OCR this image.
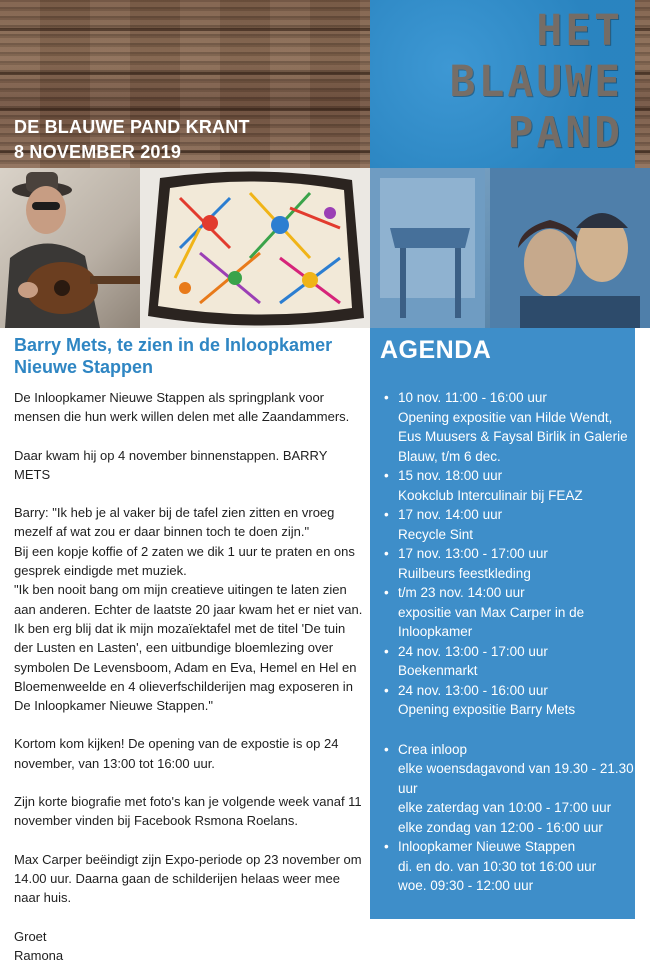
DE BLAUWE PAND KRANT
8 NOVEMBER 2019
HET
BLAUWE
PAND
Barry Mets, te zien in de Inloopkamer Nieuwe Stappen

De Inloopkamer Nieuwe Stappen als springplank voor mensen die hun werk willen delen met alle Zaandammers.

Daar kwam hij op 4 november binnenstappen. BARRY METS

Barry: "Ik heb je al vaker bij de tafel zien zitten en vroeg mezelf af wat zou er daar binnen toch te doen zijn."
Bij een kopje koffie of 2 zaten we dik 1 uur te praten en ons gesprek eindigde met muziek.
"Ik ben nooit bang om mijn creatieve uitingen te laten zien aan anderen. Echter de laatste 20 jaar kwam het er niet van. Ik ben erg blij dat ik mijn mozaïektafel met de titel 'De tuin der Lusten en Lasten', een uitbundige bloemlezing over symbolen De Levensboom, Adam en Eva, Hemel en Hel en Bloemenweelde en 4 olieverfschilderijen mag exposeren in De Inloopkamer Nieuwe Stappen."

Kortom kom kijken! De opening van de expostie is op 24 november, van 13:00 tot 16:00 uur.

Zijn korte biografie met foto's kan je volgende week vanaf 11 november vinden bij Facebook Rsmona Roelans.

Max Carper beëindigt zijn Expo-periode op 23 november om 14.00 uur. Daarna gaan de schilderijen helaas weer mee naar huis.

Groet
Ramona

AGENDA
• 10 nov. 11:00 - 16:00 uur
Opening expositie van Hilde Wendt, Eus Muusers & Faysal Birlik in Galerie Blauw, t/m 6 dec.
• 15 nov. 18:00 uur
Kookclub Interculinair bij FEAZ
• 17 nov. 14:00 uur
Recycle Sint
• 17 nov. 13:00 - 17:00 uur
Ruilbeurs feestkleding
• t/m 23 nov. 14:00 uur
expositie van Max Carper in de Inloopkamer
• 24 nov. 13:00 - 17:00 uur
Boekenmarkt
• 24 nov. 13:00 - 16:00 uur
Opening expositie Barry Mets
• Crea inloop
elke woensdagavond van 19.30 - 21.30 uur
elke zaterdag van 10:00 - 17:00 uur
elke zondag van 12:00 - 16:00 uur
• Inloopkamer Nieuwe Stappen
di. en do. van 10:30 tot 16:00 uur
woe. 09:30 - 12:00 uur
